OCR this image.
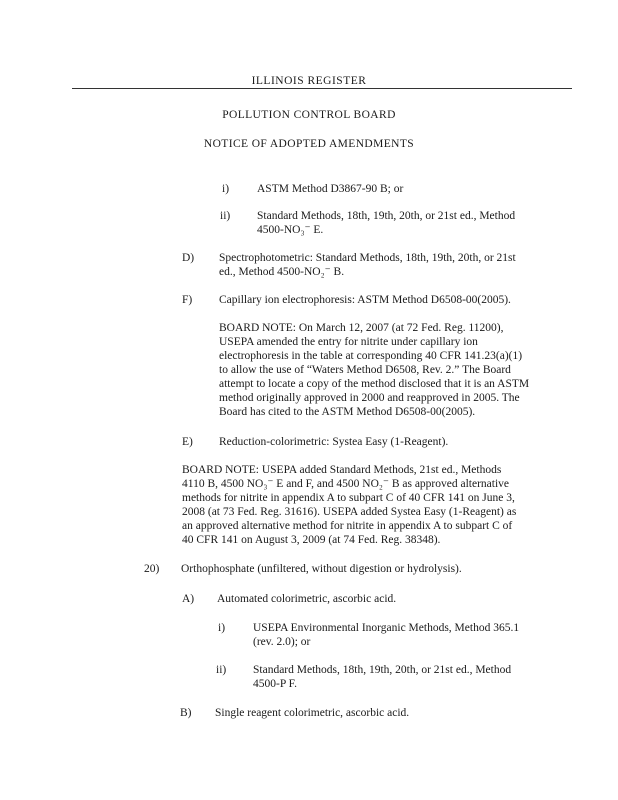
ILLINOIS REGISTER
POLLUTION CONTROL BOARD
NOTICE OF ADOPTED AMENDMENTS
i) ASTM Method D3867-90 B; or
ii) Standard Methods, 18th, 19th, 20th, or 21st ed., Method
4500-NO₃⁻ E.
D) Spectrophotometric: Standard Methods, 18th, 19th, 20th, or 21st
ed., Method 4500-NO₂⁻ B.
F) Capillary ion electrophoresis: ASTM Method D6508-00(2005).
BOARD NOTE: On March 12, 2007 (at 72 Fed. Reg. 11200),
USEPA amended the entry for nitrite under capillary ion
electrophoresis in the table at corresponding 40 CFR 141.23(a)(1)
to allow the use of “Waters Method D6508, Rev. 2.” The Board
attempt to locate a copy of the method disclosed that it is an ASTM
method originally approved in 2000 and reapproved in 2005. The
Board has cited to the ASTM Method D6508-00(2005).
E) Reduction-colorimetric: Systea Easy (1-Reagent).
BOARD NOTE: USEPA added Standard Methods, 21st ed., Methods
4110 B, 4500 NO₃⁻ E and F, and 4500 NO₂⁻ B as approved alternative
methods for nitrite in appendix A to subpart C of 40 CFR 141 on June 3,
2008 (at 73 Fed. Reg. 31616). USEPA added Systea Easy (1-Reagent) as
an approved alternative method for nitrite in appendix A to subpart C of
40 CFR 141 on August 3, 2009 (at 74 Fed. Reg. 38348).
20) Orthophosphate (unfiltered, without digestion or hydrolysis).
A) Automated colorimetric, ascorbic acid.
i) USEPA Environmental Inorganic Methods, Method 365.1
(rev. 2.0); or
ii) Standard Methods, 18th, 19th, 20th, or 21st ed., Method
4500-P F.
B) Single reagent colorimetric, ascorbic acid.
